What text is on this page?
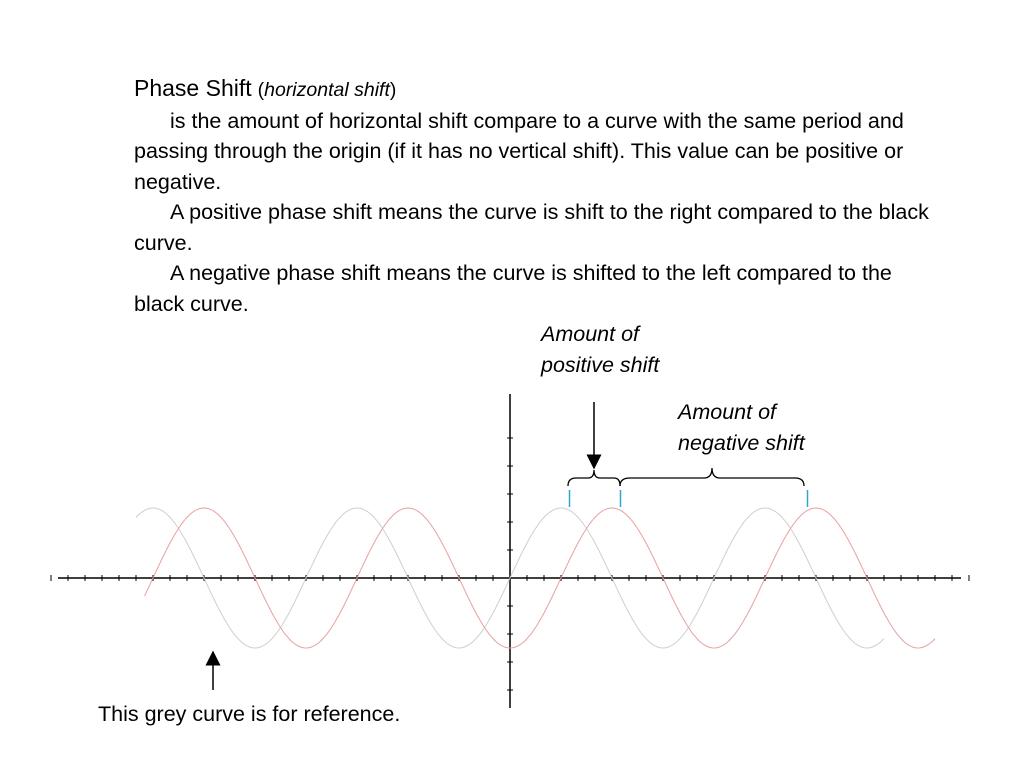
Phase Shift (horizontal shift)

is the amount of horizontal shift compare to a curve with the same period and passing through the origin (if it has no vertical shift). This value can be positive or negative.

A positive phase shift means the curve is shift to the right compared to the black curve.

A negative phase shift means the curve is shifted to the left compared to the black curve.

Amount of
positive shift
Amount of
negative shift
This grey curve is for reference.
